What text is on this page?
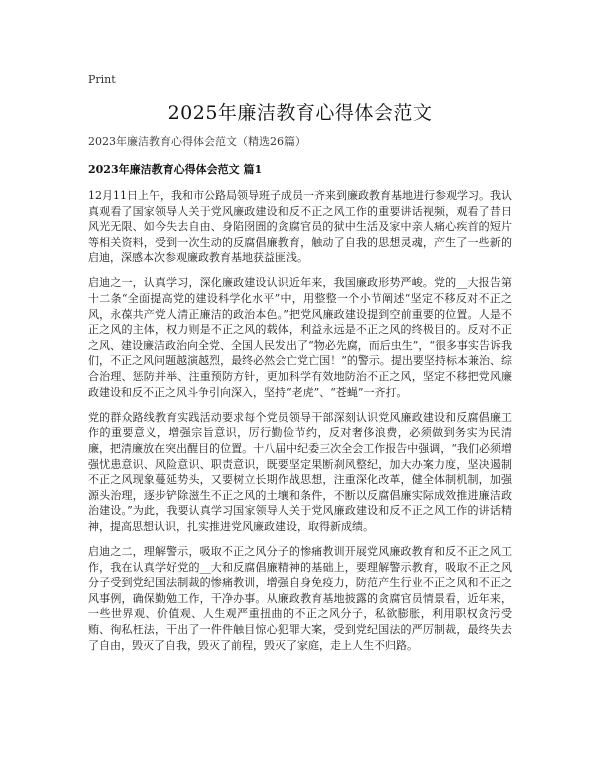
Print
2025年廉洁教育心得体会范文
2023年廉洁教育心得体会范文（精选26篇）
2023年廉洁教育心得体会范文 篇1

12月11日上午，我和市公路局领导班子成员一齐来到廉政教育基地进行参观学习。我认真观看了国家领导人关于党风廉政建设和反不正之风工作的重要讲话视频，观看了昔日风光无限、如今失去自由、身陷囹圄的贪腐官员的狱中生活及家中亲人痛心疾首的短片等相关资料，受到一次生动的反腐倡廉教育，触动了自我的思想灵魂，产生了一些新的启迪，深感本次参观廉政教育基地获益匪浅。

启迪之一，认真学习，深化廉政建设认识近年来，我国廉政形势严峻。党的__大报告第十二条“全面提高党的建设科学化水平”中，用整整一个小节阐述“坚定不移反对不正之风，永葆共产党人清正廉洁的政治本色。”把党风廉政建设提到空前重要的位置。人是不正之风的主体，权力则是不正之风的载体，利益永远是不正之风的终极目的。反对不正之风、建设廉洁政治向全党、全国人民发出了“物必先腐，而后虫生”，“很多事实告诉我们，不正之风问题越演越烈，最终必然会亡党亡国！”的警示。提出要坚持标本兼治、综合治理、惩防并举、注重预防方针，更加科学有效地防治不正之风，坚定不移把党风廉政建设和反不正之风斗争引向深入，坚持“老虎”、“苍蝇”一齐打。

党的群众路线教育实践活动要求每个党员领导干部深刻认识党风廉政建设和反腐倡廉工作的重要意义，增强宗旨意识，厉行勤俭节约，反对奢侈浪费，必须做到务实为民清廉，把清廉放在突出醒目的位置。十八届中纪委三次全会工作报告中强调，“我们必须增强忧患意识、风险意识、职责意识，既要坚定果断刹风整纪，加大办案力度，坚决遏制不正之风现象蔓延势头，又要树立长期作战思想，注重深化改革，健全体制机制，加强源头治理，逐步铲除滋生不正之风的土壤和条件，不断以反腐倡廉实际成效推进廉洁政治建设。”为此，我要认真学习国家领导人关于党风廉政建设和反不正之风工作的讲话精神，提高思想认识，扎实推进党风廉政建设，取得新成绩。

启迪之二，理解警示，吸取不正之风分子的惨痛教训开展党风廉政教育和反不正之风工作，我在认真学好党的__大和反腐倡廉精神的基础上，要理解警示教育，吸取不正之风分子受到党纪国法制裁的惨痛教训，增强自身免疫力，防范产生行业不正之风和不正之风事例，确保勤勉工作，干净办事。从廉政教育基地披露的贪腐官员情景看，近年来，一些世界观、价值观、人生观严重扭曲的不正之风分子，私欲膨胀，利用职权贪污受贿、徇私枉法，干出了一件件触目惊心犯罪大案，受到党纪国法的严厉制裁，最终失去了自由，毁灭了自我，毁灭了前程，毁灭了家庭，走上人生不归路。
